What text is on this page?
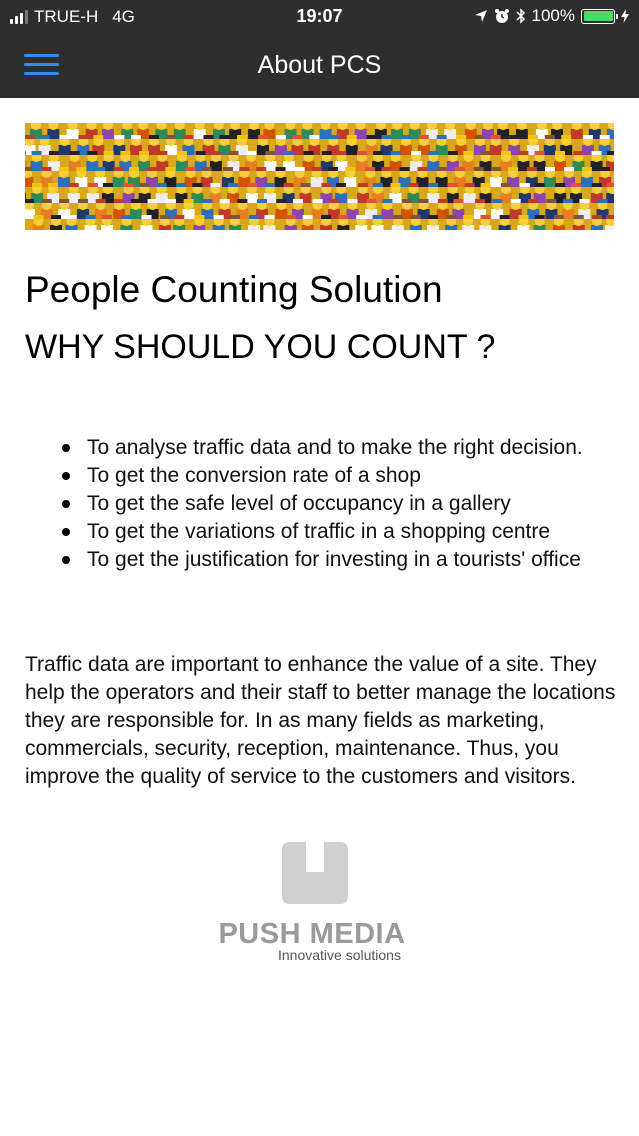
TRUE-H 4G	19:07	100%
About PCS
People Counting Solution
WHY SHOULD YOU COUNT ?
To analyse traffic data and to make the right decision.
To get the conversion rate of a shop
To get the safe level of occupancy in a gallery
To get the variations of traffic in a shopping centre
To get the justification for investing in a tourists' office

Traffic data are important to enhance the value of a site. They help the operators and their staff to better manage the locations they are responsible for. In as many fields as marketing, commercials, security, reception, maintenance. Thus, you improve the quality of service to the customers and visitors.

PUSH MEDIA
Innovative solutions
